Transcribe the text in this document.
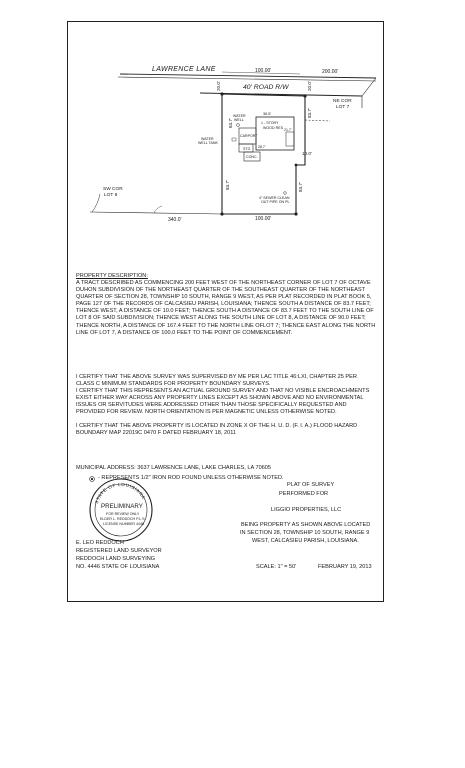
LAWRENCE LANE
40' ROAD R/W
100.00'	200.00'
NE COR
LOT 7
20.0'	20.0'
63.7'
83.7'
83.7'
83.7'
10.0'
100.00'
36.5'
21.7'
28.7'
1 - STORY WOOD RES
CARPORT
STG
CONC.
WATER WELL
WATER WELL TANK
4" SEWER CLEAN OUT PIPE ON PL
SW COR
LOT 8
340.0'
STATE OF LOUISIANA
PRELIMINARY
FOR REVIEW ONLY
ELDER L. REDDOCH P.L.S.
LICENSE NUMBER 4446
PROPERTY DESCRIPTION:
A TRACT DESCRIBED AS COMMENCING 200 FEET WEST OF THE NORTHEAST CORNER OF LOT 7 OF OCTAVE DUHON SUBDIVISION OF THE NORTHEAST QUARTER OF THE SOUTHEAST QUARTER OF THE NORTHEAST QUARTER OF SECTION 28, TOWNSHIP 10 SOUTH, RANGE 9 WEST, AS PER PLAT RECORDED IN PLAT BOOK 5, PAGE 127 OF THE RECORDS OF CALCASIEU PARISH, LOUISIANA; THENCE SOUTH A DISTANCE OF 83.7 FEET; THENCE WEST, A DISTANCE OF 10.0 FEET; THENCE SOUTH A DISTANCE OF 83.7 FEET TO THE SOUTH LINE OF LOT 8 OF SAID SUBDIVISION; THENCE WEST ALONG THE SOUTH LINE OF LOT 8, A DISTANCE OF 90.0 FEET; THENCE NORTH, A DISTANCE OF 167.4 FEET TO THE NORTH LINE OFLOT 7; THENCE EAST ALONG THE NORTH LINE OF LOT 7, A DISTANCE OF 100.0 FEET TO THE POINT OF COMMENCEMENT.
I CERTIFY THAT THE ABOVE SURVEY WAS SUPERVISED BY ME PER LAC TITLE 46:LXI, CHAPTER 25 PER CLASS C MINIMUM STANDARDS FOR PROPERTY BOUNDARY SURVEYS.
I CERTIFY THAT THIS REPRESENTS AN ACTUAL GROUND SURVEY AND THAT NO VISIBLE ENCROACHMENTS EXIST EITHER WAY ACROSS ANY PROPERTY LINES EXCEPT AS SHOWN ABOVE AND NO ENVIRONMENTAL ISSUES OR SERVITUDES WERE ADDRESSED OTHER THAN THOSE SPECIFICALLY REQUESTED AND PROVIDED FOR REVIEW. NORTH ORIENTATION IS PER MAGNETIC UNLESS OTHERWISE NOTED.
I CERTIFY THAT THE ABOVE PROPERTY IS LOCATED IN ZONE X OF THE H. U. D. (F. I. A.) FLOOD HAZARD BOUNDARY MAP 22019C 0470 F DATED FEBRUARY 18, 2011
MUNICIPAL ADDRESS: 3637 LAWRENCE LANE, LAKE CHARLES, LA 70605
- REPRESENTS 1/2" IRON ROD FOUND UNLESS OTHERWISE NOTED.
PLAT OF SURVEY
PERFORMED FOR
LIGGIO PROPERTIES, LLC
BEING PROPERTY AS SHOWN ABOVE LOCATED
IN SECTION 28, TOWNSHIP 10 SOUTH, RANGE 9
WEST, CALCASIEU PARISH, LOUISIANA.
E. LEO REDDOCH
REGISTERED LAND SURVEYOR
REDDOCH LAND SURVEYING
NO. 4446 STATE OF LOUISIANA	SCALE: 1" = 50'	FEBRUARY 19, 2013
